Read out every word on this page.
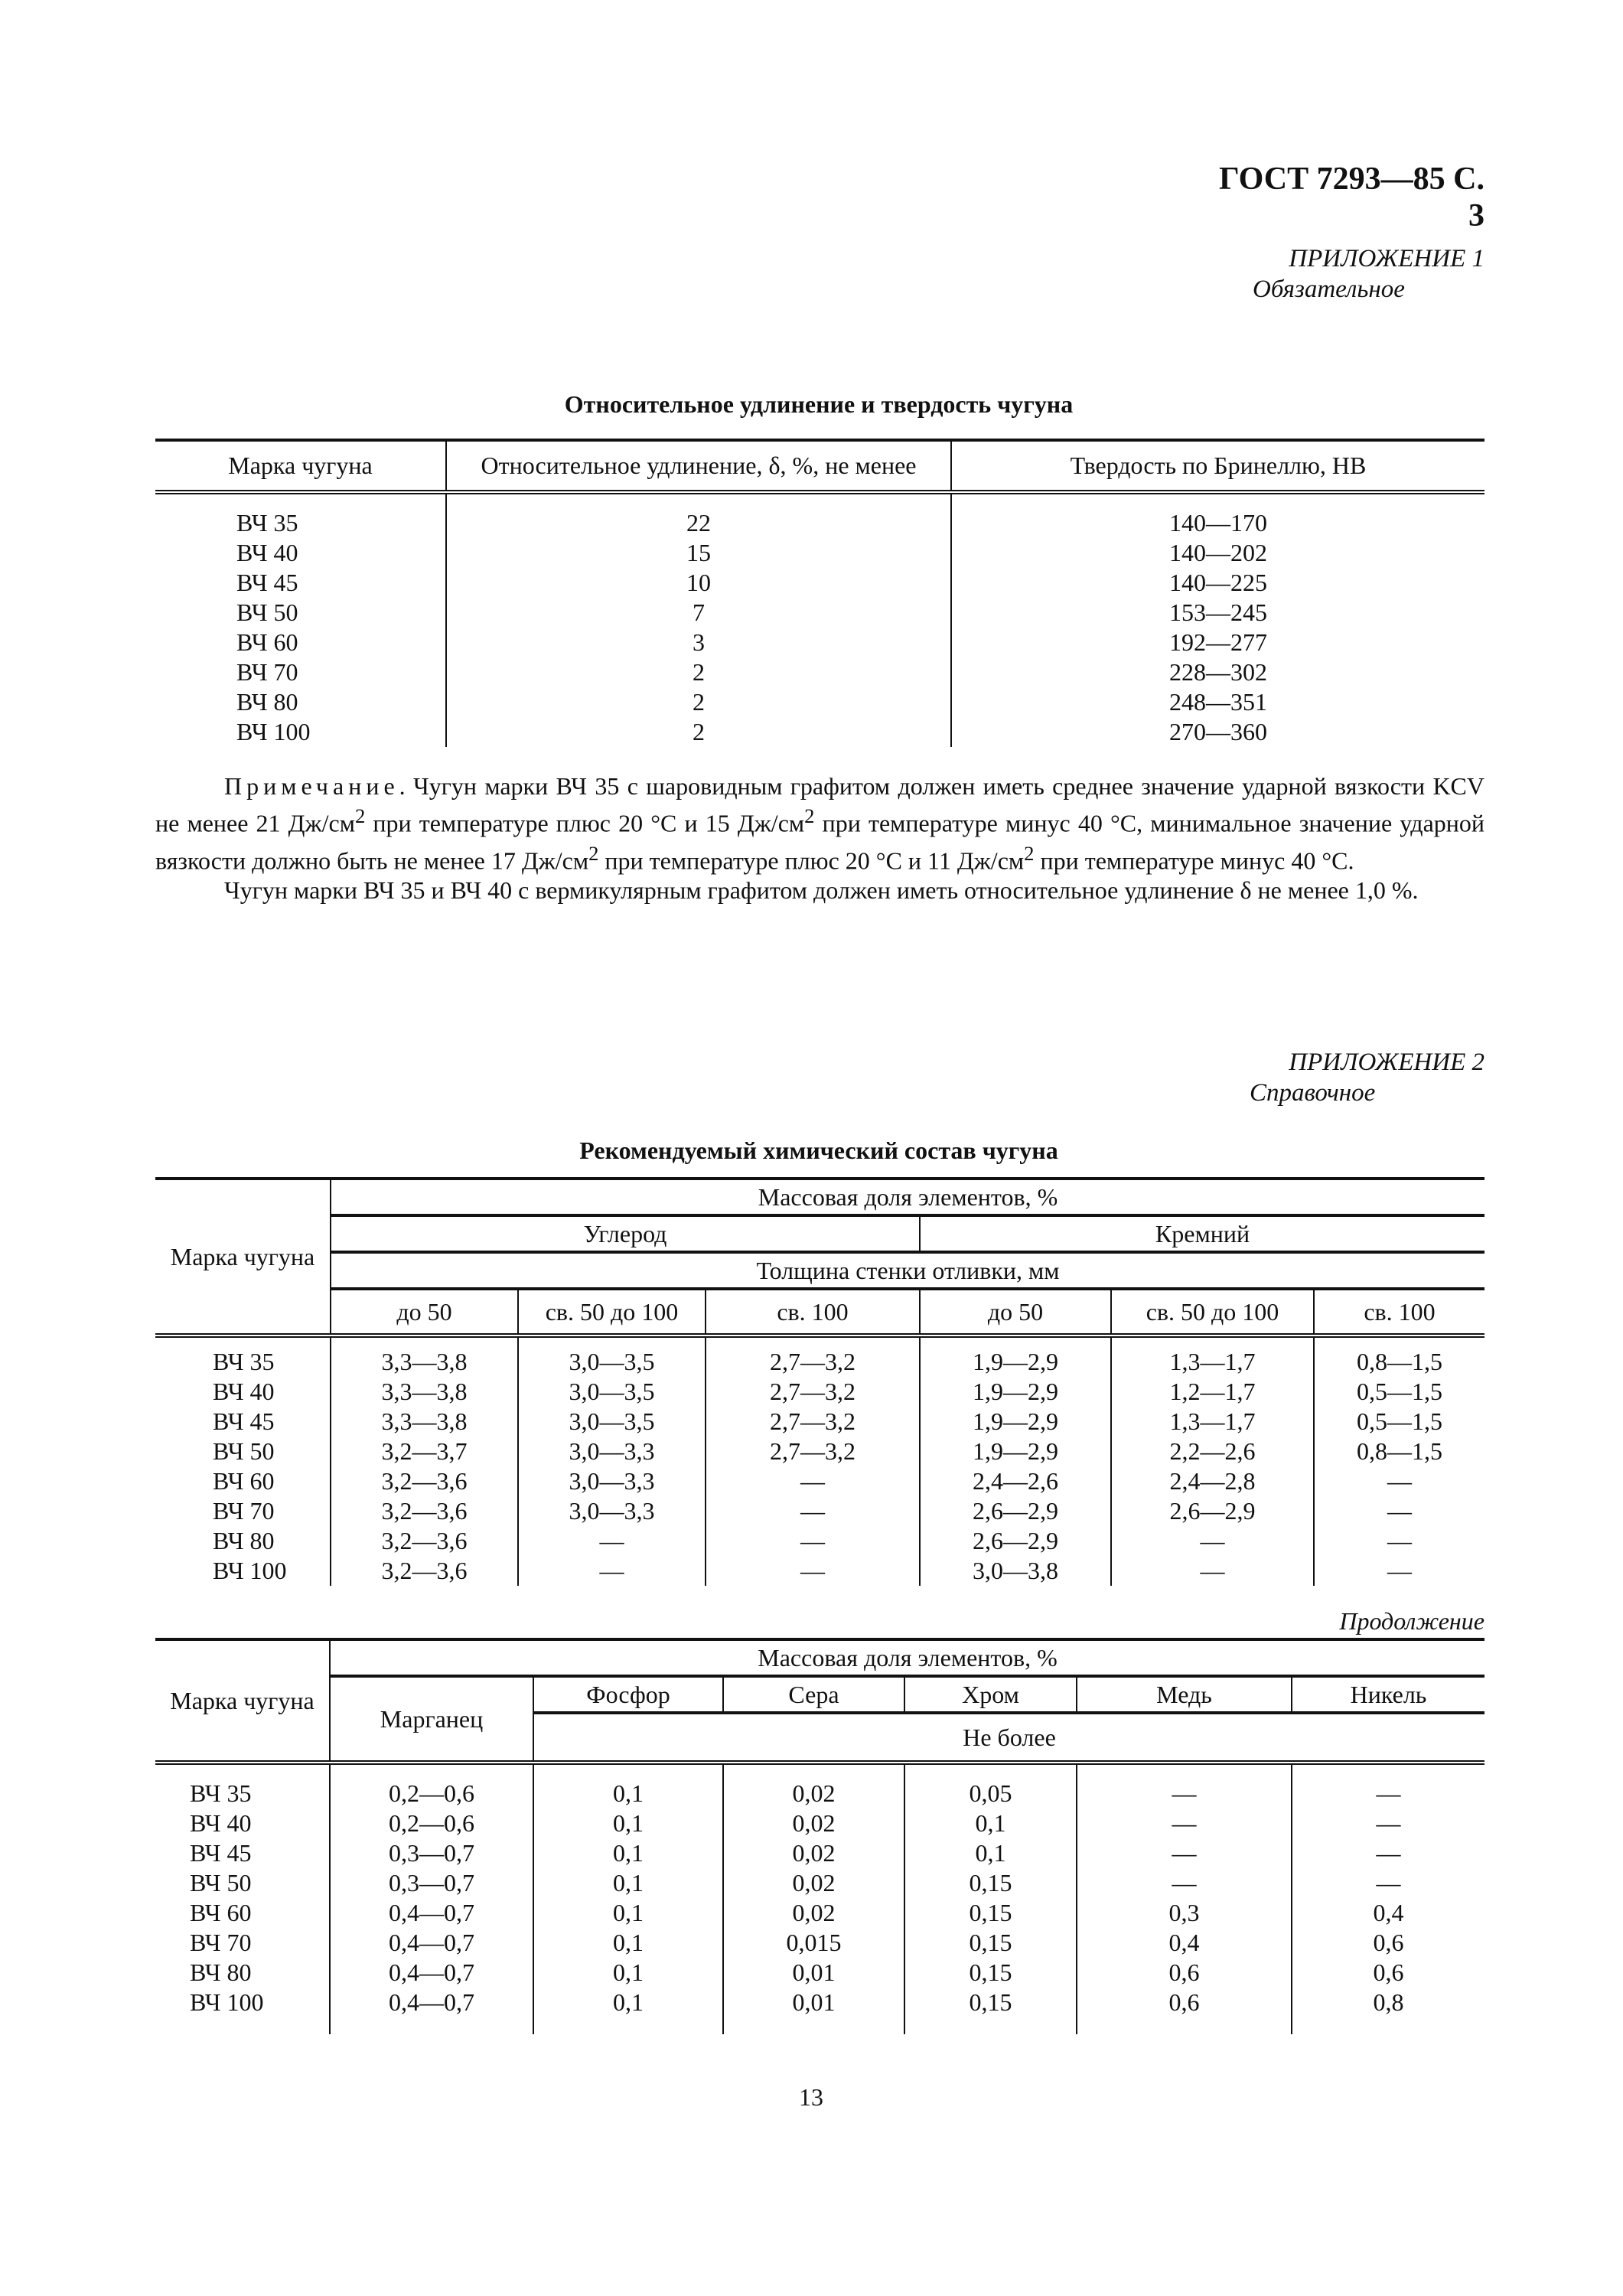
ГОСТ 7293—85 С. 3
ПРИЛОЖЕНИЕ 1
Обязательное
Относительное удлинение и твердость чугуна
Марка чугуна	Относительное удлинение, δ, %, не менее	Твердость по Бринеллю, НВ
ВЧ 35	22	140—170
ВЧ 40	15	140—202
ВЧ 45	10	140—225
ВЧ 50	7	153—245
ВЧ 60	3	192—277
ВЧ 70	2	228—302
ВЧ 80	2	248—351
ВЧ 100	2	270—360

Примечание. Чугун марки ВЧ 35 с шаровидным графитом должен иметь среднее значение ударной вязкости KCV не менее 21 $Дж/см^2$ при температуре плюс 20 °С и 15 $Дж/см^2$ при температуре минус 40 °С, минимальное значение ударной вязкости должно быть не менее 17 $Дж/см^2$ при температуре плюс 20 °С и 11 $Дж/см^2$ при температуре минус 40 °С.

Чугун марки ВЧ 35 и ВЧ 40 с вермикулярным графитом должен иметь относительное удлинение δ не менее 1,0 %.

ПРИЛОЖЕНИЕ 2
Справочное
Рекомендуемый химический состав чугуна
Марка чугуна	Массовая доля элементов, %					
	Углерод			Кремний		
	Толщина стенки отливки, мм					
	до 50	св. 50 до 100	св. 100	до 50	св. 50 до 100	св. 100
ВЧ 35	3,3—3,8	3,0—3,5	2,7—3,2	1,9—2,9	1,3—1,7	0,8—1,5
ВЧ 40	3,3—3,8	3,0—3,5	2,7—3,2	1,9—2,9	1,2—1,7	0,5—1,5
ВЧ 45	3,3—3,8	3,0—3,5	2,7—3,2	1,9—2,9	1,3—1,7	0,5—1,5
ВЧ 50	3,2—3,7	3,0—3,3	2,7—3,2	1,9—2,9	2,2—2,6	0,8—1,5
ВЧ 60	3,2—3,6	3,0—3,3	—	2,4—2,6	2,4—2,8	—
ВЧ 70	3,2—3,6	3,0—3,3	—	2,6—2,9	2,6—2,9	—
ВЧ 80	3,2—3,6	—	—	2,6—2,9	—	—
ВЧ 100	3,2—3,6	—	—	3,0—3,8	—	—
Продолжение
Марка чугуна	Массовая доля элементов, %					
	Марганец	Фосфор	Сера	Хром	Медь	Никель
		Не более				
ВЧ 35	0,2—0,6	0,1	0,02	0,05	—	—
ВЧ 40	0,2—0,6	0,1	0,02	0,1	—	—
ВЧ 45	0,3—0,7	0,1	0,02	0,1	—	—
ВЧ 50	0,3—0,7	0,1	0,02	0,15	—	—
ВЧ 60	0,4—0,7	0,1	0,02	0,15	0,3	0,4
ВЧ 70	0,4—0,7	0,1	0,015	0,15	0,4	0,6
ВЧ 80	0,4—0,7	0,1	0,01	0,15	0,6	0,6
ВЧ 100	0,4—0,7	0,1	0,01	0,15	0,6	0,8
13
